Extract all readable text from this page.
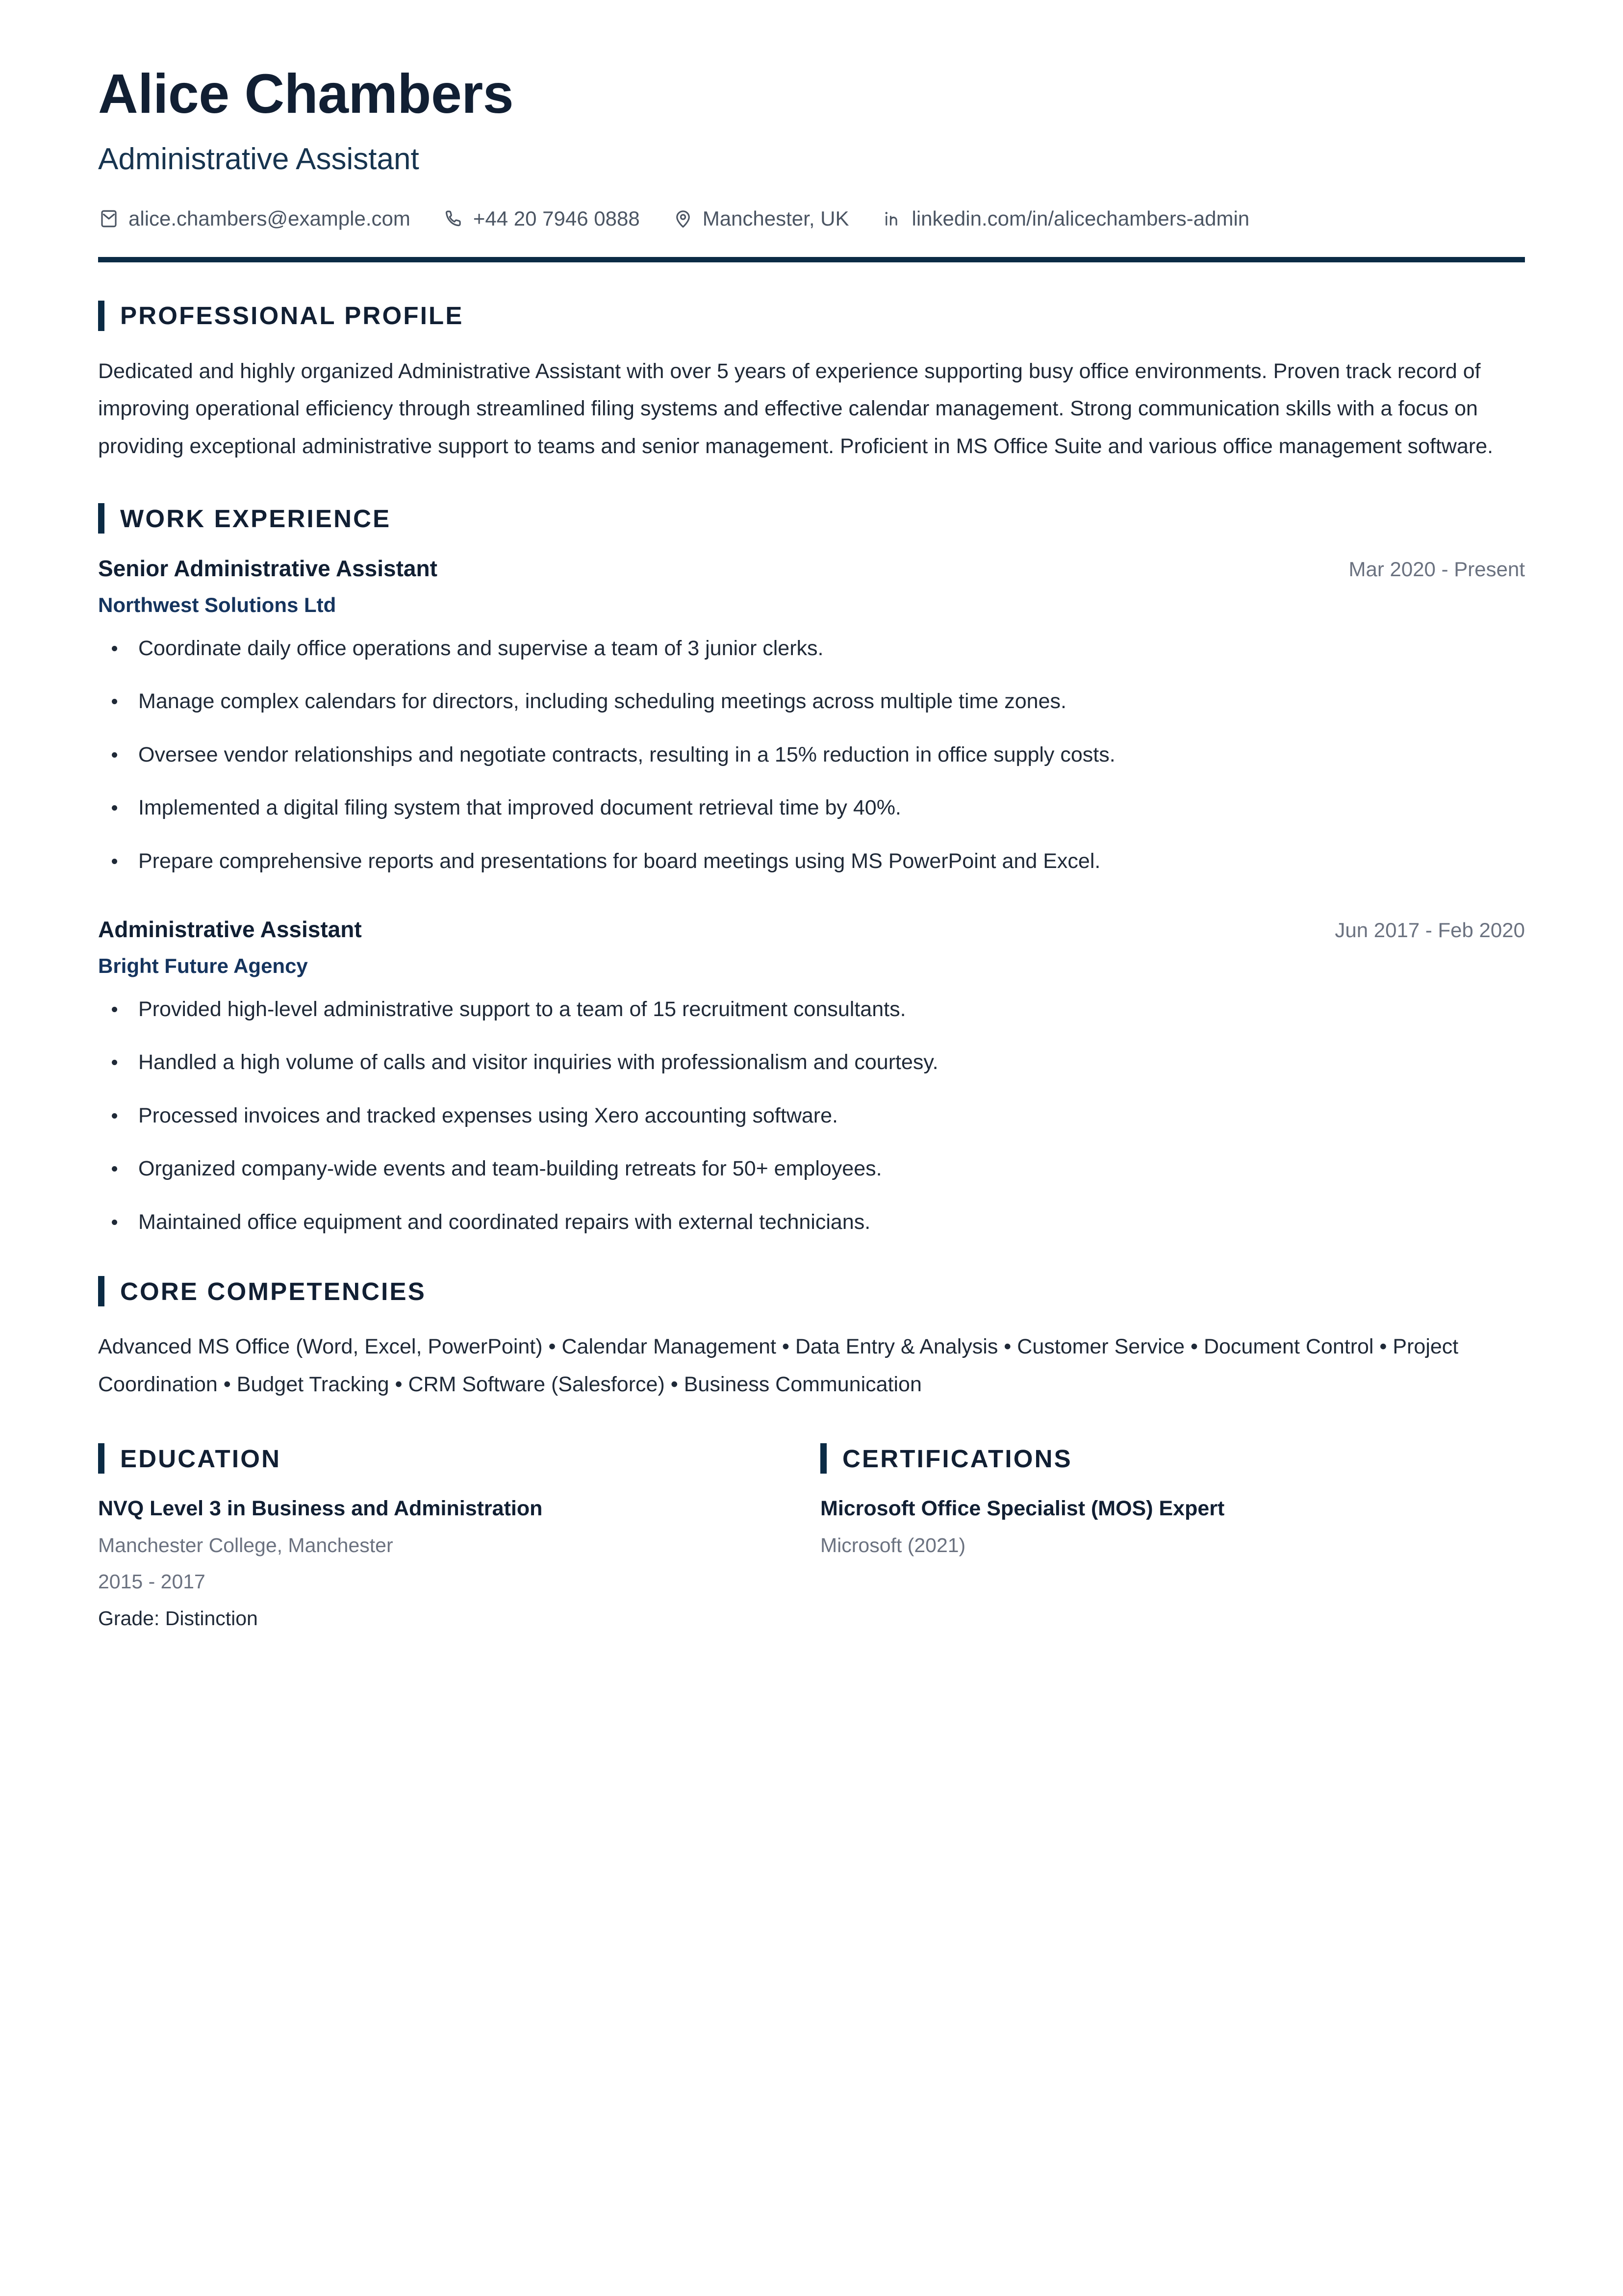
Alice Chambers
Administrative Assistant
alice.chambers@example.com	+44 20 7946 0888	Manchester, UK	linkedin.com/in/alicechambers-admin
PROFESSIONAL PROFILE

Dedicated and highly organized Administrative Assistant with over 5 years of experience supporting busy office environments. Proven track record of improving operational efficiency through streamlined filing systems and effective calendar management. Strong communication skills with a focus on providing exceptional administrative support to teams and senior management. Proficient in MS Office Suite and various office management software.

WORK EXPERIENCE
Senior Administrative Assistant	Mar 2020 - Present
Northwest Solutions Ltd
Coordinate daily office operations and supervise a team of 3 junior clerks.
Manage complex calendars for directors, including scheduling meetings across multiple time zones.
Oversee vendor relationships and negotiate contracts, resulting in a 15% reduction in office supply costs.
Implemented a digital filing system that improved document retrieval time by 40%.
Prepare comprehensive reports and presentations for board meetings using MS PowerPoint and Excel.
Administrative Assistant	Jun 2017 - Feb 2020
Bright Future Agency
Provided high-level administrative support to a team of 15 recruitment consultants.
Handled a high volume of calls and visitor inquiries with professionalism and courtesy.
Processed invoices and tracked expenses using Xero accounting software.
Organized company-wide events and team-building retreats for 50+ employees.
Maintained office equipment and coordinated repairs with external technicians.
CORE COMPETENCIES

Advanced MS Office (Word, Excel, PowerPoint) • Calendar Management • Data Entry & Analysis • Customer Service • Document Control • Project Coordination • Budget Tracking • CRM Software (Salesforce) • Business Communication

EDUCATION
NVQ Level 3 in Business and Administration
Manchester College, Manchester
2015 - 2017
Grade: Distinction
CERTIFICATIONS
Microsoft Office Specialist (MOS) Expert
Microsoft (2021)
